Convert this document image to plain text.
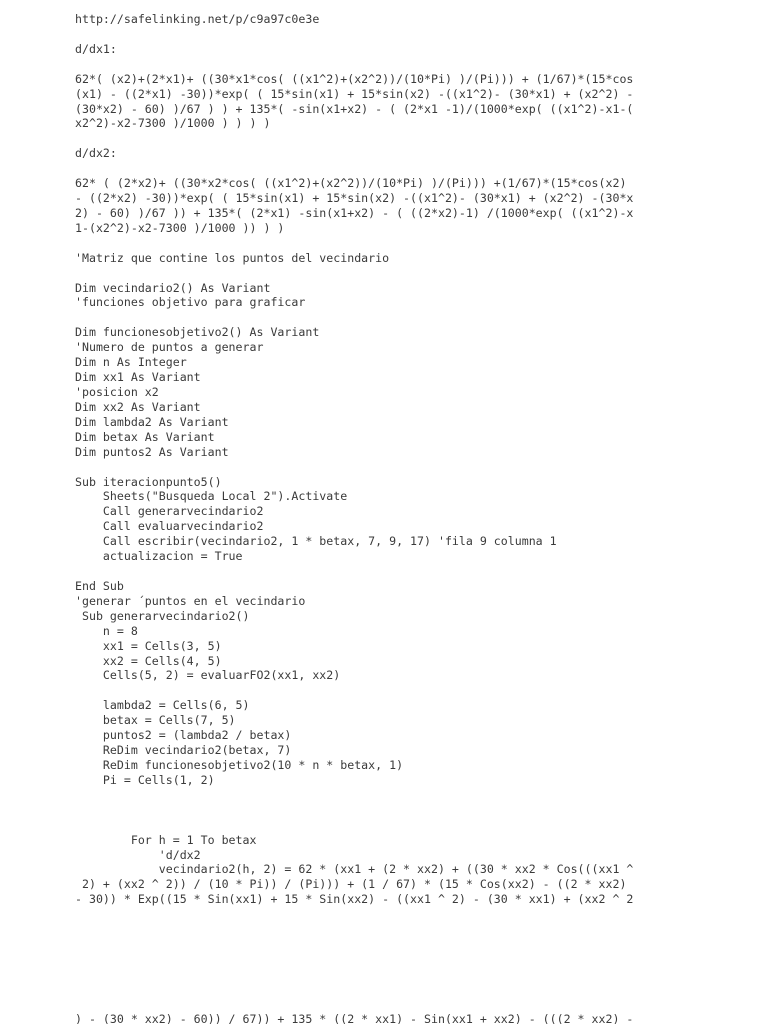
http://safelinking.net/p/c9a97c0e3e
d/dx1:
62*( (x2)+(2*x1)+ ((30*x1*cos( ((x1^2)+(x2^2))/(10*Pi) )/(Pi))) + (1/67)*(15*cos
(x1) - ((2*x1) -30))*exp( ( 15*sin(x1) + 15*sin(x2) -((x1^2)- (30*x1) + (x2^2) -
(30*x2) - 60) )/67 ) ) + 135*( -sin(x1+x2) - ( (2*x1 -1)/(1000*exp( ((x1^2)-x1-(
x2^2)-x2-7300 )/1000 ) ) ) )
d/dx2:
62* ( (2*x2)+ ((30*x2*cos( ((x1^2)+(x2^2))/(10*Pi) )/(Pi))) +(1/67)*(15*cos(x2)
- ((2*x2) -30))*exp( ( 15*sin(x1) + 15*sin(x2) -((x1^2)- (30*x1) + (x2^2) -(30*x
2) - 60) )/67 )) + 135*( (2*x1) -sin(x1+x2) - ( ((2*x2)-1) /(1000*exp( ((x1^2)-x
1-(x2^2)-x2-7300 )/1000 )) ) )
'Matriz que contine los puntos del vecindario
Dim vecindario2() As Variant
'funciones objetivo para graficar
Dim funcionesobjetivo2() As Variant
'Numero de puntos a generar
Dim n As Integer
Dim xx1 As Variant
'posicion x2
Dim xx2 As Variant
Dim lambda2 As Variant
Dim betax As Variant
Dim puntos2 As Variant
Sub iteracionpunto5()
Sheets("Busqueda Local 2").Activate
Call generarvecindario2
Call evaluarvecindario2
Call escribir(vecindario2, 1 * betax, 7, 9, 17) 'fila 9 columna 1
actualizacion = True
End Sub
'generar ´puntos en el vecindario
Sub generarvecindario2()
n = 8
xx1 = Cells(3, 5)
xx2 = Cells(4, 5)
Cells(5, 2) = evaluarFO2(xx1, xx2)
lambda2 = Cells(6, 5)
betax = Cells(7, 5)
puntos2 = (lambda2 / betax)
ReDim vecindario2(betax, 7)
ReDim funcionesobjetivo2(10 * n * betax, 1)
Pi = Cells(1, 2)
For h = 1 To betax
'd/dx2
vecindario2(h, 2) = 62 * (xx1 + (2 * xx2) + ((30 * xx2 * Cos(((xx1 ^
2) + (xx2 ^ 2)) / (10 * Pi)) / (Pi))) + (1 / 67) * (15 * Cos(xx2) - ((2 * xx2)
- 30)) * Exp((15 * Sin(xx1) + 15 * Sin(xx2) - ((xx1 ^ 2) - (30 * xx1) + (xx2 ^ 2
) - (30 * xx2) - 60)) / 67)) + 135 * ((2 * xx1) - Sin(xx1 + xx2) - (((2 * xx2) -
